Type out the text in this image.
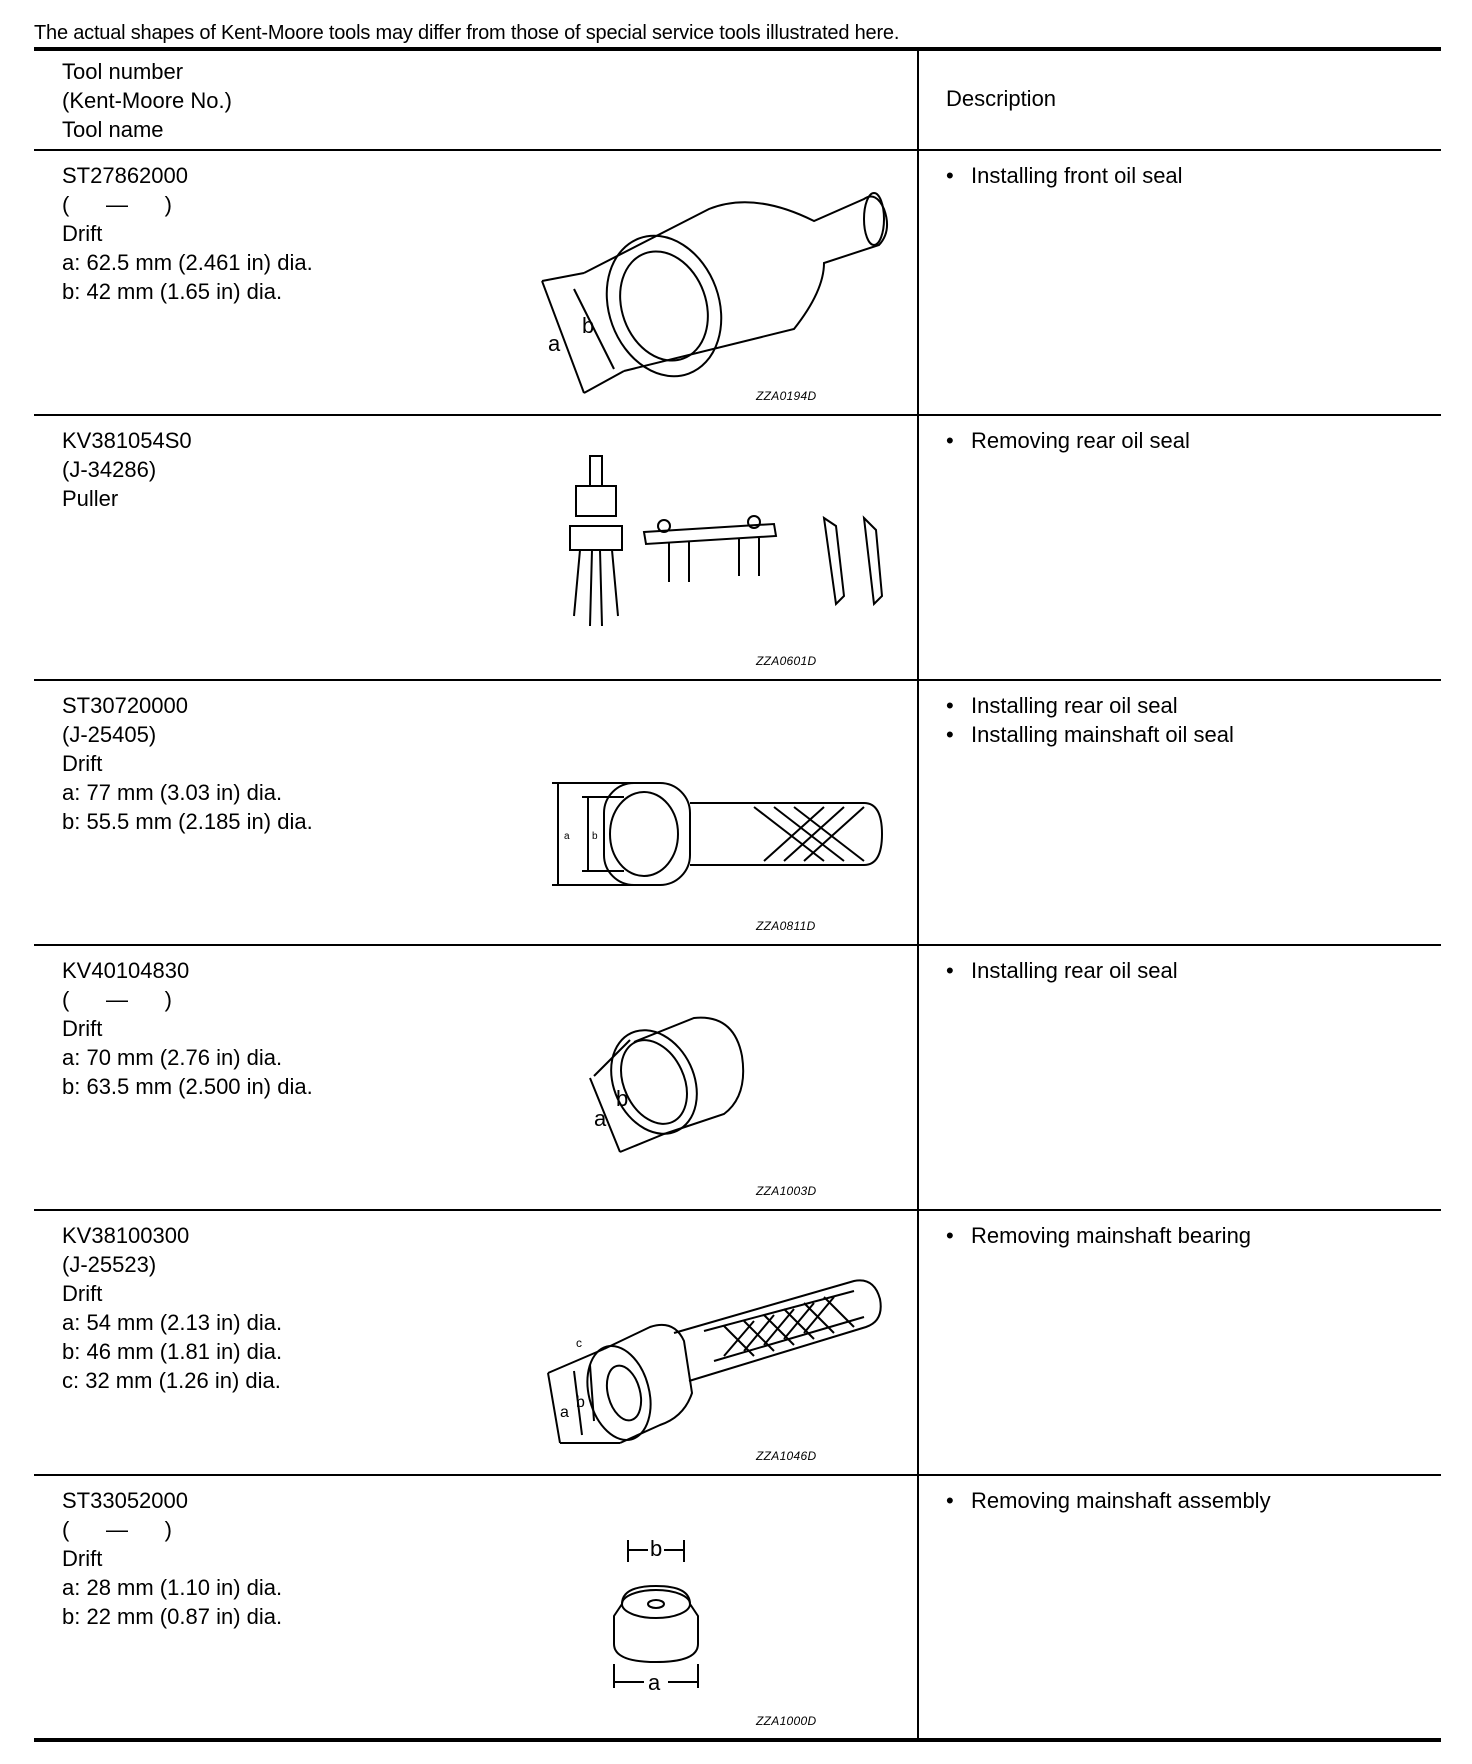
The actual shapes of Kent-Moore tools may differ from those of special service tools illustrated here.
Tool number
(Kent-Moore No.)
Tool name
Description
ST27862000
(      —      )
Drift
a: 62.5 mm (2.461 in) dia.
b: 42 mm (1.65 in) dia.
a
b
ZZA0194D
• Installing front oil seal
KV381054S0
(J-34286)
Puller
ZZA0601D
• Removing rear oil seal
ST30720000
(J-25405)
Drift
a: 77 mm (3.03 in) dia.
b: 55.5 mm (2.185 in) dia.
a b
ZZA0811D
• Installing rear oil seal
• Installing mainshaft oil seal
KV40104830
(      —      )
Drift
a: 70 mm (2.76 in) dia.
b: 63.5 mm (2.500 in) dia.
a
b
ZZA1003D
• Installing rear oil seal
KV38100300
(J-25523)
Drift
a: 54 mm (2.13 in) dia.
b: 46 mm (1.81 in) dia.
c: 32 mm (1.26 in) dia.
a
b
c
ZZA1046D
• Removing mainshaft bearing
ST33052000
(      —      )
Drift
a: 28 mm (1.10 in) dia.
b: 22 mm (0.87 in) dia.
b
a
ZZA1000D
• Removing mainshaft assembly
